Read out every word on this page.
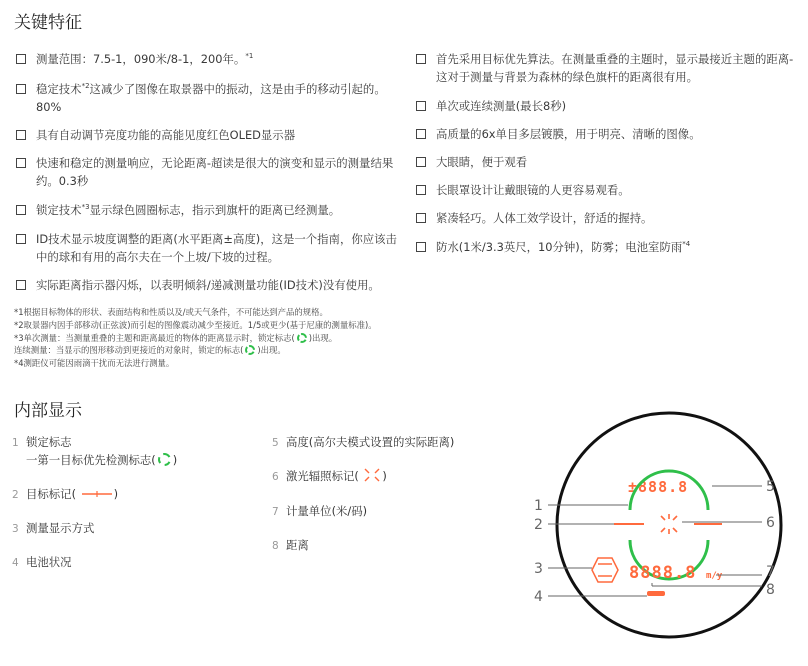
关键特征
测量范围：7.5-1，090米/8-1，200年。$^{*1}$
稳定技术$^{*2}$这减少了图像在取景器中的振动，这是由手的移动引起的。
80%
具有自动调节亮度功能的高能见度红色OLED显示器
快速和稳定的测量响应，无论距离-超读是很大的演变和显示的测量结果
约。0.3秒
锁定技术$^{*3}$显示绿色圆圈标志，指示到旗杆的距离已经测量。
ID技术显示坡度调整的距离(水平距离±高度)，这是一个指南，你应该击
中的球和有用的高尔夫在一个上坡/下坡的过程。
实际距离指示器闪烁，以表明倾斜/递减测量功能(ID技术)没有使用。
首先采用目标优先算法。在测量重叠的主题时，显示最接近主题的距离-
这对于测量与背景为森林的绿色旗杆的距离很有用。
单次或连续测量(最长8秒)
高质量的6x单目多层镀膜，用于明亮、清晰的图像。
大眼睛，便于观看
长眼罩设计让戴眼镜的人更容易观看。
紧凑轻巧。人体工效学设计，舒适的握持。
防水(1米/3.3英尺，10分钟)，防雾；电池室防雨$^{*4}$
*1根据目标物体的形状、表面结构和性质以及/或天气条件，不可能达到产品的规格。
*2取景器内因手部移动(正弦波)而引起的图像震动减少至接近。1/5或更少(基于尼康的测量标准)。
*3单次测量：当测量重叠的主题和距离最近的物体的距离显示时，锁定标志( )出现。
连续测量：当显示的图形移动到更接近的对象时，锁定的标志( )出现。
*4测距仪可能因雨滴干扰而无法进行测量。
内部显示
1 锁定标志
一第一目标优先检测标志( )
2 目标标记(	)
3 测量显示方式
4 电池状况
5 高度(高尔夫模式设置的实际距离)
6 激光辐照标记( )
7 计量单位(米/码)
8 距离
±888.8
8888.8 m/y
1
2
3
4
5
6
7
8
